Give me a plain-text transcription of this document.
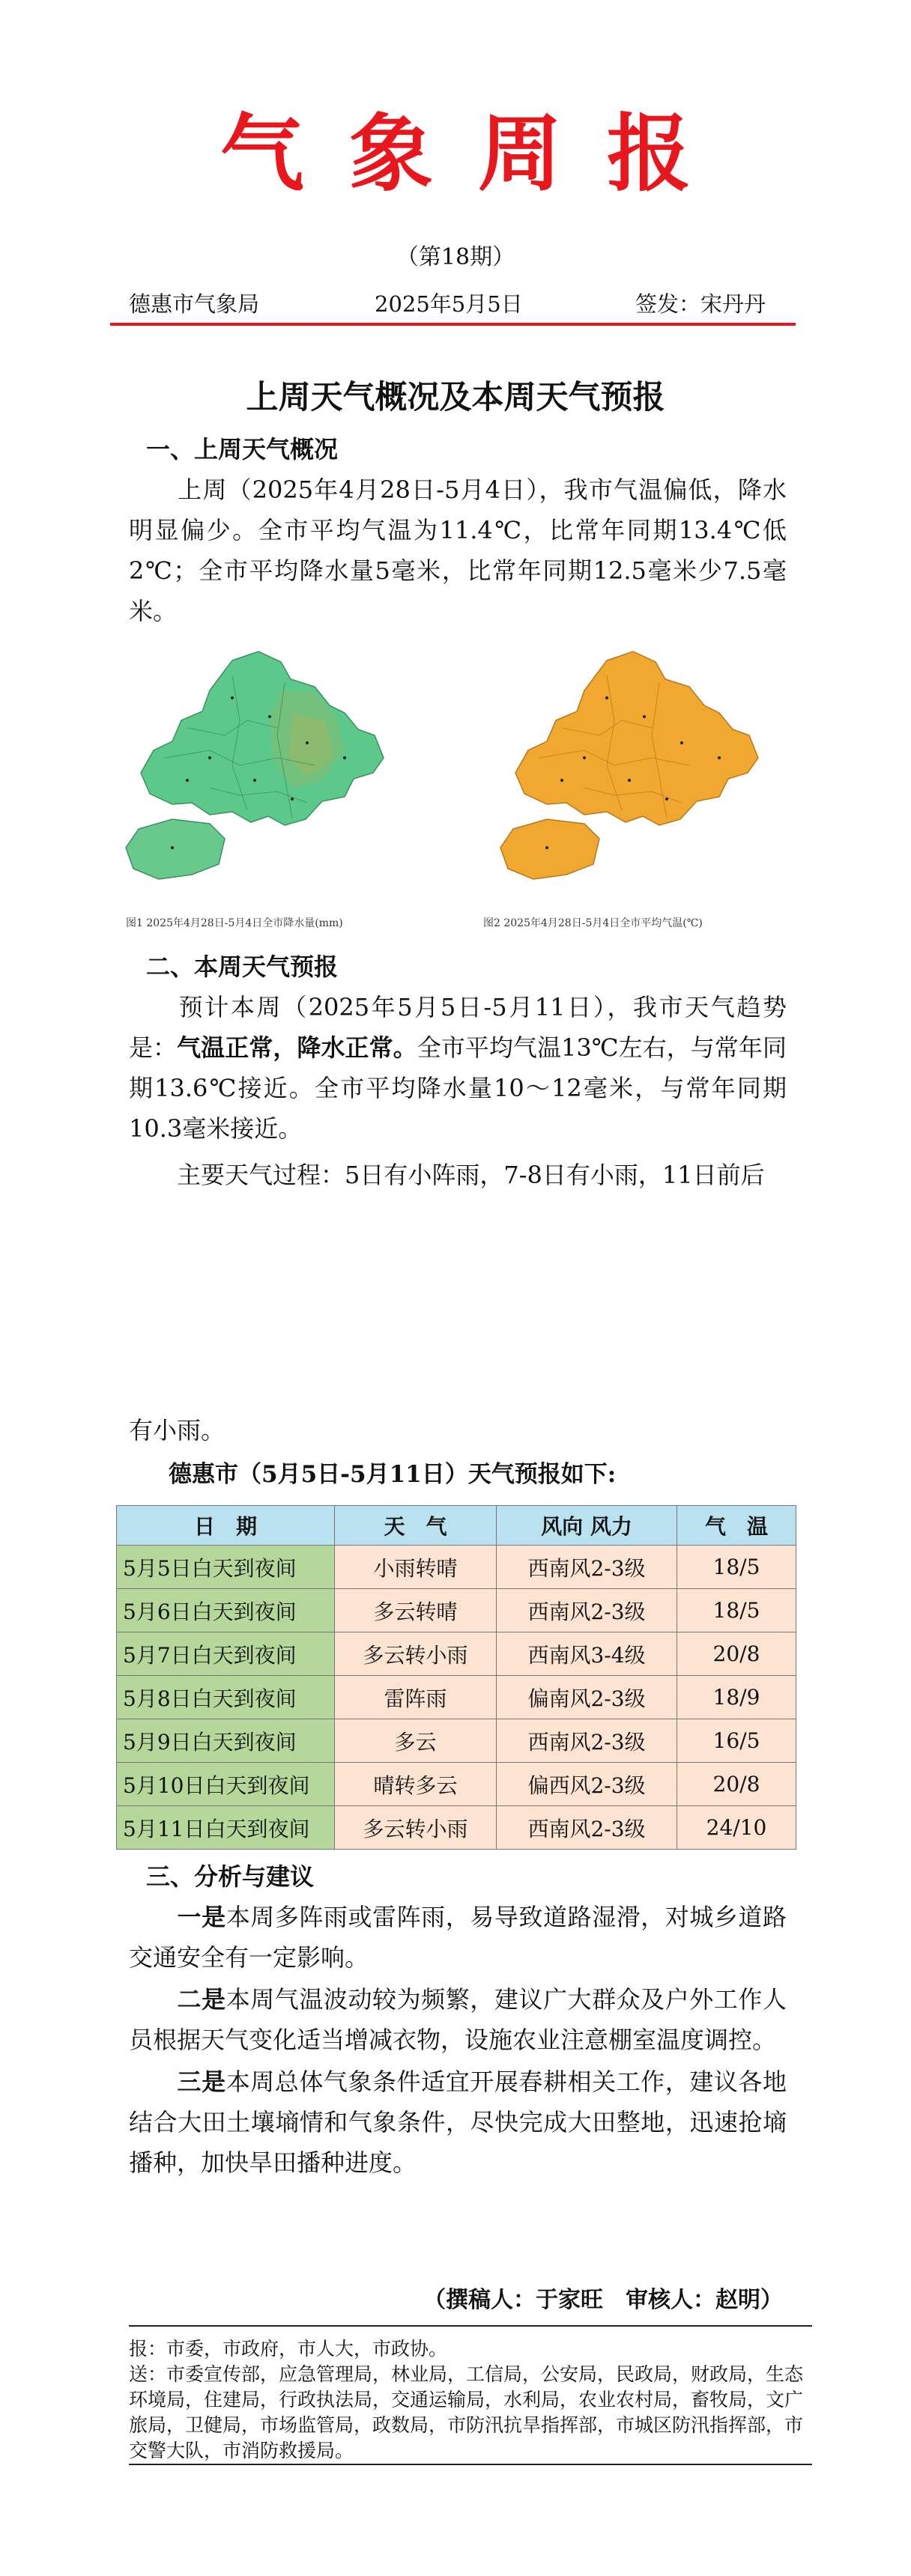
气象周报
（第18期）
德惠市气象局	2025年5月5日	签发：宋丹丹
上周天气概况及本周天气预报
一、上周天气概况
上周（2025年4月28日-5月4日），我市气温偏低，降水明显偏少。全市平均气温为11.4℃，比常年同期13.4℃低2℃；全市平均降水量5毫米，比常年同期12.5毫米少7.5毫米。
图1 2025年4月28日-5月4日全市降水量(mm)	图2 2025年4月28日-5月4日全市平均气温(℃)
二、本周天气预报
预计本周（2025年5月5日-5月11日），我市天气趋势是：气温正常，降水正常。全市平均气温13℃左右，与常年同期13.6℃接近。全市平均降水量10～12毫米，与常年同期10.3毫米接近。
主要天气过程：5日有小阵雨，7-8日有小雨，11日前后
有小雨。
德惠市（5月5日-5月11日）天气预报如下:
日　期	天　气	风向 风力	气　温
5月5日白天到夜间	小雨转晴	西南风2-3级	18/5
5月6日白天到夜间	多云转晴	西南风2-3级	18/5
5月7日白天到夜间	多云转小雨	西南风3-4级	20/8
5月8日白天到夜间	雷阵雨	偏南风2-3级	18/9
5月9日白天到夜间	多云	西南风2-3级	16/5
5月10日白天到夜间	晴转多云	偏西风2-3级	20/8
5月11日白天到夜间	多云转小雨	西南风2-3级	24/10
三、分析与建议
一是本周多阵雨或雷阵雨，易导致道路湿滑，对城乡道路交通安全有一定影响。
二是本周气温波动较为频繁，建议广大群众及户外工作人员根据天气变化适当增减衣物，设施农业注意棚室温度调控。
三是本周总体气象条件适宜开展春耕相关工作，建议各地结合大田土壤墒情和气象条件，尽快完成大田整地，迅速抢墒播种，加快旱田播种进度。
（撰稿人：于家旺　审核人：赵明）
报：市委，市政府，市人大，市政协。
送：市委宣传部，应急管理局，林业局，工信局，公安局，民政局，财政局，生态环境局，住建局，行政执法局，交通运输局，水利局，农业农村局，畜牧局，文广旅局，卫健局，市场监管局，政数局，市防汛抗旱指挥部，市城区防汛指挥部，市交警大队，市消防救援局。
